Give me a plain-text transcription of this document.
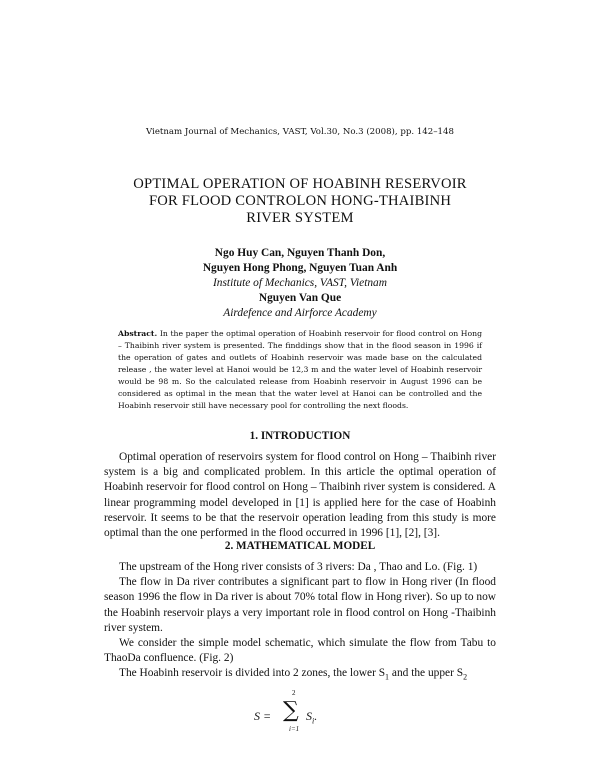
Vietnam Journal of Mechanics, VAST, Vol.30, No.3 (2008), pp. 142–148
OPTIMAL OPERATION OF HOABINH RESERVOIR
FOR FLOOD CONTROLON HONG-THAIBINH
RIVER SYSTEM
Ngo Huy Can, Nguyen Thanh Don,
Nguyen Hong Phong, Nguyen Tuan Anh
Institute of Mechanics, VAST, Vietnam
Nguyen Van Que
Airdefence and Airforce Academy
Abstract. In the paper the optimal operation of Hoabinh reservoir for flood control on Hong – Thaibinh river system is presented. The finddings show that in the flood season in 1996 if the operation of gates and outlets of Hoabinh reservoir was made base on the calculated release , the water level at Hanoi would be 12,3 m and the water level of Hoabinh reservoir would be 98 m. So the calculated release from Hoabinh reservoir in August 1996 can be considered as optimal in the mean that the water level at Hanoi can be controlled and the Hoabinh reservoir still have necessary pool for controlling the next floods.
1. INTRODUCTION

Optimal operation of reservoirs system for flood control on Hong – Thaibinh river system is a big and complicated problem. In this article the optimal operation of Hoabinh reservoir for flood control on Hong – Thaibinh river system is considered. A linear programming model developed in [1] is applied here for the case of Hoabinh reservoir. It seems to be that the reservoir operation leading from this study is more optimal than the one performed in the flood occurred in 1996 [1], [2], [3].

2. MATHEMATICAL MODEL

The upstream of the Hong river consists of 3 rivers: Da , Thao and Lo. (Fig. 1)

The flow in Da river contributes a significant part to flow in Hong river (In flood season 1996 the flow in Da river is about 70% total flow in Hong river). So up to now the Hoabinh reservoir plays a very important role in flood control on Hong -Thaibinh river system.

We consider the simple model schematic, which simulate the flow from Tabu to ThaoDa confluence. (Fig. 2)

The Hoabinh reservoir is divided into 2 zones, the lower $S_1$ and the upper $S_2$

S =
2
∑
i=1
$S_i$.
